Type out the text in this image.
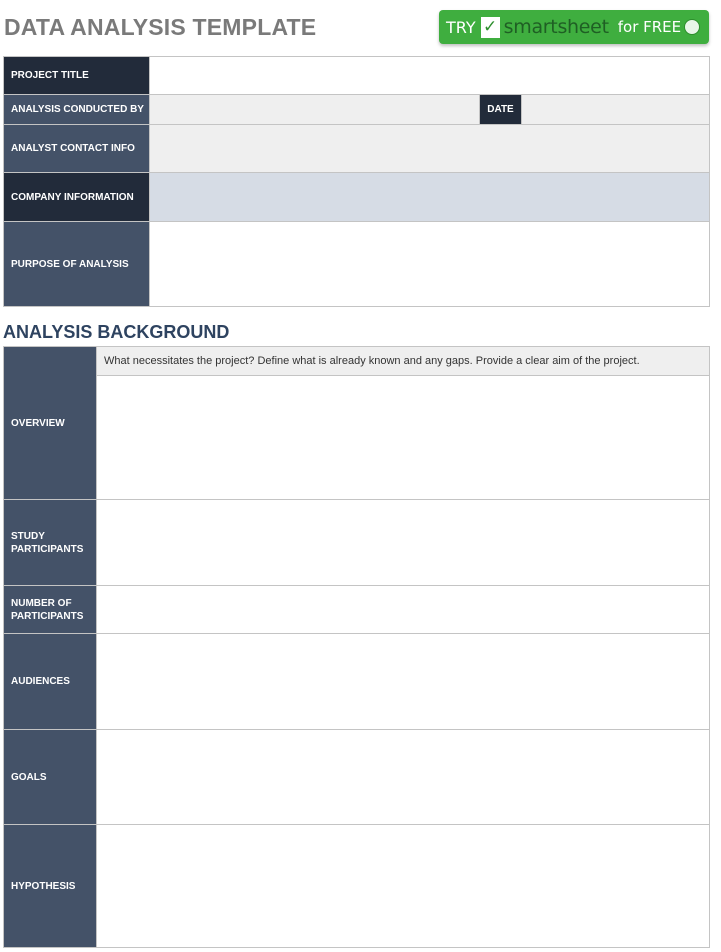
DATA ANALYSIS TEMPLATE	TRY ✓ smartsheet for FREE
PROJECT TITLE			
ANALYSIS CONDUCTED BY		DATE	
ANALYST CONTACT INFO			
COMPANY INFORMATION			
PURPOSE OF ANALYSIS			
ANALYSIS BACKGROUND
OVERVIEW	What necessitates the project? Define what is already known and any gaps. Provide a clear aim of the project.

STUDY PARTICIPANTS	
NUMBER OF PARTICIPANTS	
AUDIENCES	
GOALS	
HYPOTHESIS	
